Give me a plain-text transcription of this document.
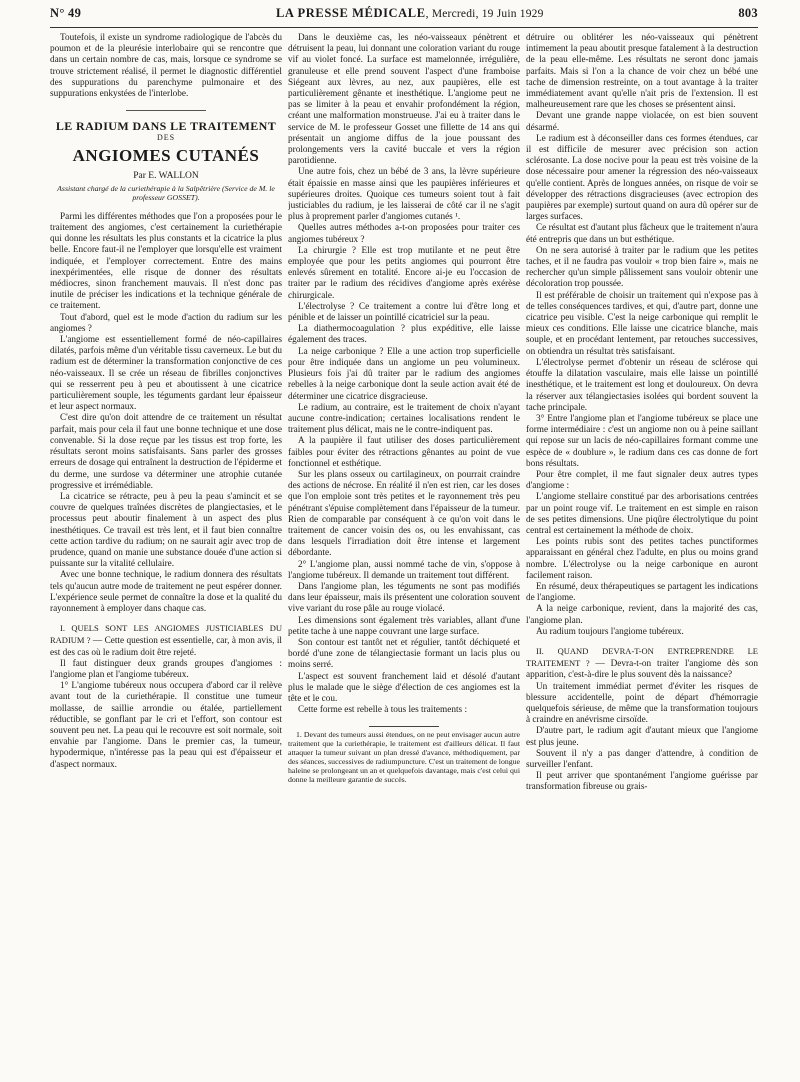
N° 49	LA PRESSE MÉDICALE, Mercredi, 19 Juin 1929	803

Toutefois, il existe un syndrome radiologique de l'abcès du poumon et de la pleurésie interlobaire qui se rencontre que dans un certain nombre de cas, mais, lorsque ce syndrome se trouve strictement réalisé, il permet le diagnostic différentiel des suppurations du parenchyme pulmonaire et des suppurations enkystées de l'interlobe.

LE RADIUM DANS LE TRAITEMENT

DES

ANGIOMES CUTANÉS

Par E. WALLON

Assistant chargé de la curiethérapie à la Salpêtrière (Service de M. le professeur GOSSET).

Parmi les différentes méthodes que l'on a proposées pour le traitement des angiomes, c'est certainement la curiethérapie qui donne les résultats les plus constants et la cicatrice la plus belle. Encore faut-il ne l'employer que lorsqu'elle est vraiment indiquée, et l'employer correctement. Entre des mains inexpérimentées, elle risque de donner des résultats médiocres, sinon franchement mauvais. Il n'est donc pas inutile de préciser les indications et la technique générale de ce traitement.

Tout d'abord, quel est le mode d'action du radium sur les angiomes ?

L'angiome est essentiellement formé de néo-capillaires dilatés, parfois même d'un véritable tissu caverneux. Le but du radium est de déterminer la transformation conjonctive de ces néo-vaisseaux. Il se crée un réseau de fibrilles conjonctives qui se resserrent peu à peu et aboutissent à une cicatrice particulièrement souple, les téguments gardant leur épaisseur et leur aspect normaux.

C'est dire qu'on doit attendre de ce traitement un résultat parfait, mais pour cela il faut une bonne technique et une dose convenable. Si la dose reçue par les tissus est trop forte, les résultats seront moins satisfaisants. Sans parler des grosses erreurs de dosage qui entraînent la destruction de l'épiderme et du derme, une surdose va déterminer une atrophie cutanée progressive et irrémédiable.

La cicatrice se rétracte, peu à peu la peau s'amincit et se couvre de quelques traînées discrètes de plangiectasies, et le processus peut aboutir finalement à un aspect des plus inesthétiques. Ce travail est très lent, et il faut bien connaître cette action tardive du radium; on ne saurait agir avec trop de prudence, quand on manie une substance douée d'une action si puissante sur la vitalité cellulaire.

Avec une bonne technique, le radium donnera des résultats tels qu'aucun autre mode de traitement ne peut espérer donner. L'expérience seule permet de connaître la dose et la qualité du rayonnement à employer dans chaque cas.

I. QUELS SONT LES ANGIOMES JUSTICIABLES DU RADIUM ? — Cette question est essentielle, car, à mon avis, il est des cas où le radium doit être rejeté.

Il faut distinguer deux grands groupes d'angiomes : l'angiome plan et l'angiome tubéreux.

1° L'angiome tubéreux nous occupera d'abord car il relève avant tout de la curiethérapie. Il constitue une tumeur mollasse, de saillie arrondie ou étalée, partiellement réductible, se gonflant par le cri et l'effort, son contour est souvent peu net. La peau qui le recouvre est soit normale, soit envahie par l'angiome. Dans le premier cas, la tumeur, hypodermique, n'intéresse pas la peau qui est d'épaisseur et d'aspect normaux.

Dans le deuxième cas, les néo-vaisseaux pénètrent et détruisent la peau, lui donnant une coloration variant du rouge vif au violet foncé. La surface est mamelonnée, irrégulière, granuleuse et elle prend souvent l'aspect d'une framboise Siégeant aux lèvres, au nez, aux paupières, elle est particulièrement gênante et inesthétique. L'angiome peut ne pas se limiter à la peau et envahir profondément la région, créant une malformation monstrueuse. J'ai eu à traiter dans le service de M. le professeur Gosset une fillette de 14 ans qui présentait un angiome diffus de la joue poussant des prolongements vers la cavité buccale et vers la région parotidienne.

Une autre fois, chez un bébé de 3 ans, la lèvre supérieure était épaissie en masse ainsi que les paupières inférieures et supérieures droites. Quoique ces tumeurs soient tout à fait justiciables du radium, je les laisserai de côté car il ne s'agit plus à proprement parler d'angiomes cutanés ¹.

Quelles autres méthodes a-t-on proposées pour traiter ces angiomes tubéreux ?

La chirurgie ? Elle est trop mutilante et ne peut être employée que pour les petits angiomes qui pourront être enlevés sûrement en totalité. Encore ai-je eu l'occasion de traiter par le radium des récidives d'angiome après exérèse chirurgicale.

L'électrolyse ? Ce traitement a contre lui d'être long et pénible et de laisser un pointillé cicatriciel sur la peau.

La diathermocoagulation ? plus expéditive, elle laisse également des traces.

La neige carbonique ? Elle a une action trop superficielle pour être indiquée dans un angiome un peu volumineux. Plusieurs fois j'ai dû traiter par le radium des angiomes rebelles à la neige carbonique dont la seule action avait été de déterminer une cicatrice disgracieuse.

Le radium, au contraire, est le traitement de choix n'ayant aucune contre-indication; certaines localisations rendent le traitement plus délicat, mais ne le contre-indiquent pas.

A la paupière il faut utiliser des doses particulièrement faibles pour éviter des rétractions gênantes au point de vue fonctionnel et esthétique.

Sur les plans osseux ou cartilagineux, on pourrait craindre des actions de nécrose. En réalité il n'en est rien, car les doses que l'on emploie sont très petites et le rayonnement très peu pénétrant s'épuise complètement dans l'épaisseur de la tumeur. Rien de comparable par conséquent à ce qu'on voit dans le traitement de cancer voisin des os, ou les envahissant, cas dans lesquels l'irradiation doit être intense et largement débordante.

2° L'angiome plan, aussi nommé tache de vin, s'oppose à l'angiome tubéreux. Il demande un traitement tout différent.

Dans l'angiome plan, les téguments ne sont pas modifiés dans leur épaisseur, mais ils présentent une coloration souvent vive variant du rose pâle au rouge violacé.

Les dimensions sont également très variables, allant d'une petite tache à une nappe couvrant une large surface.

Son contour est tantôt net et régulier, tantôt déchiqueté et bordé d'une zone de télangiectasie formant un lacis plus ou moins serré.

L'aspect est souvent franchement laid et désolé d'autant plus le malade que le siège d'élection de ces angiomes est la tête et le cou.

Cette forme est rebelle à tous les traitements :

1. Devant des tumeurs aussi étendues, on ne peut envisager aucun autre traitement que la curiethérapie, le traitement est d'ailleurs délicat. Il faut attaquer la tumeur suivant un plan dressé d'avance, méthodiquement, par des séances, successives de radiumpuncture. C'est un traitement de longue haleine se prolongeant un an et quelquefois davantage, mais c'est celui qui donne la meilleure garantie de succès.

détruire ou oblitérer les néo-vaisseaux qui pénètrent intimement la peau aboutit presque fatalement à la destruction de la peau elle-même. Les résultats ne seront donc jamais parfaits. Mais si l'on a la chance de voir chez un bébé une tache de dimension restreinte, on a tout avantage à la traiter immédiatement avant qu'elle n'ait pris de l'extension. Il est malheureusement rare que les choses se présentent ainsi.

Devant une grande nappe violacée, on est bien souvent désarmé.

Le radium est à déconseiller dans ces formes étendues, car il est difficile de mesurer avec précision son action sclérosante. La dose nocive pour la peau est très voisine de la dose nécessaire pour amener la régression des néo-vaisseaux qu'elle contient. Après de longues années, on risque de voir se développer des rétractions disgracieuses (avec ectropion des paupières par exemple) surtout quand on aura dû opérer sur de larges surfaces.

Ce résultat est d'autant plus fâcheux que le traitement n'aura été entrepris que dans un but esthétique.

On ne sera autorisé à traiter par le radium que les petites taches, et il ne faudra pas vouloir « trop bien faire », mais ne rechercher qu'un simple pâlissement sans vouloir obtenir une décoloration trop poussée.

Il est préférable de choisir un traitement qui n'expose pas à de telles conséquences tardives, et qui, d'autre part, donne une cicatrice peu visible. C'est la neige carbonique qui remplit le mieux ces conditions. Elle laisse une cicatrice blanche, mais souple, et en procédant lentement, par retouches successives, on obtiendra un résultat très satisfaisant.

L'électrolyse permet d'obtenir un réseau de sclérose qui étouffe la dilatation vasculaire, mais elle laisse un pointillé inesthétique, et le traitement est long et douloureux. On devra la réserver aux télangiectasies isolées qui bordent souvent la tache principale.

3° Entre l'angiome plan et l'angiome tubéreux se place une forme intermédiaire : c'est un angiome non ou à peine saillant qui repose sur un lacis de néo-capillaires formant comme une espèce de « doublure », le radium dans ces cas donne de fort bons résultats.

Pour être complet, il me faut signaler deux autres types d'angiome :

L'angiome stellaire constitué par des arborisations centrées par un point rouge vif. Le traitement en est simple en raison de ses petites dimensions. Une piqûre électrolytique du point central est certainement la méthode de choix.

Les points rubis sont des petites taches punctiformes apparaissant en général chez l'adulte, en plus ou moins grand nombre. L'électrolyse ou la neige carbonique en auront facilement raison.

En résumé, deux thérapeutiques se partagent les indications de l'angiome.

A la neige carbonique, revient, dans la majorité des cas, l'angiome plan.

Au radium toujours l'angiome tubéreux.

II. QUAND DEVRA-T-ON ENTREPRENDRE LE TRAITEMENT ? — Devra-t-on traiter l'angiome dès son apparition, c'est-à-dire le plus souvent dès la naissance?

Un traitement immédiat permet d'éviter les risques de blessure accidentelle, point de départ d'hémorragie quelquefois sérieuse, de même que la transformation toujours à craindre en anévrisme cirsoïde.

D'autre part, le radium agit d'autant mieux que l'angiome est plus jeune.

Souvent il n'y a pas danger d'attendre, à condition de surveiller l'enfant.

Il peut arriver que spontanément l'angiome guérisse par transformation fibreuse ou grais-
